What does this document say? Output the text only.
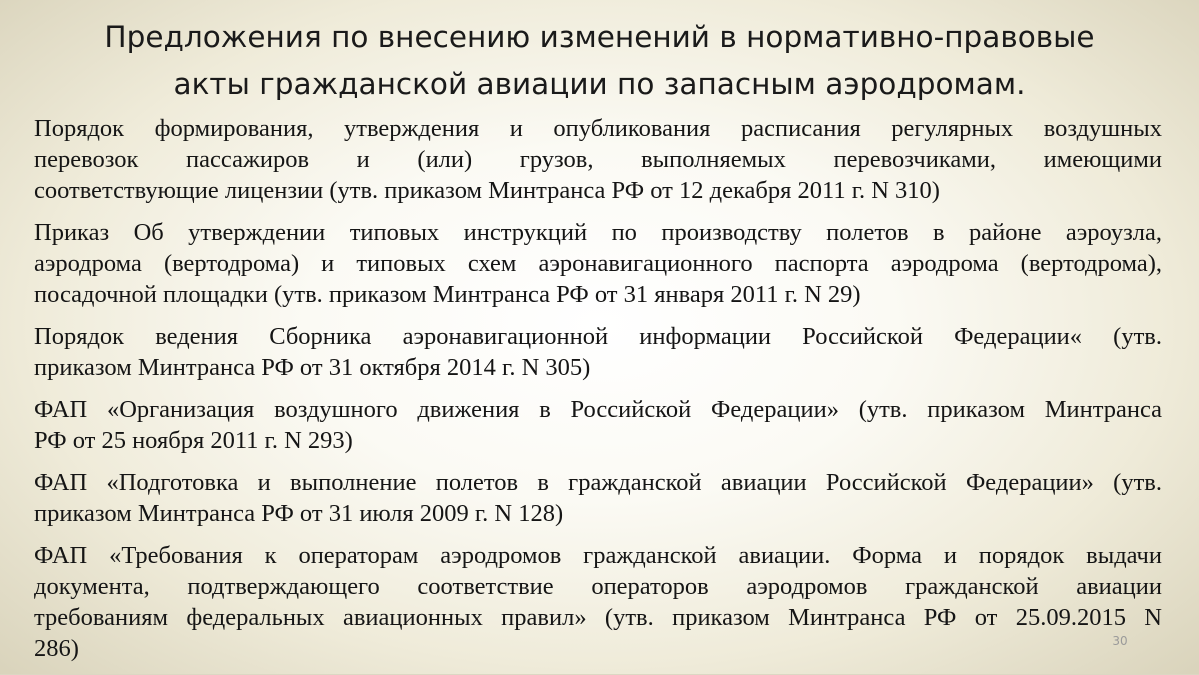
Предложения по внесению изменений в нормативно-правовые
акты гражданской авиации по запасным аэродромам.
Порядок формирования, утверждения и опубликования расписания регулярных воздушных
перевозок пассажиров и (или) грузов, выполняемых перевозчиками, имеющими
соответствующие лицензии (утв. приказом Минтранса РФ от 12 декабря 2011 г. N 310)
Приказ Об утверждении типовых инструкций по производству полетов в районе аэроузла,
аэродрома (вертодрома) и типовых схем аэронавигационного паспорта аэродрома (вертодрома),
посадочной площадки (утв. приказом Минтранса РФ от 31 января 2011 г. N 29)
Порядок ведения Сборника аэронавигационной информации Российской Федерации« (утв.
приказом Минтранса РФ от 31 октября 2014 г. N 305)
ФАП «Организация воздушного движения в Российской Федерации» (утв. приказом Минтранса
РФ от 25 ноября 2011 г. N 293)
ФАП «Подготовка и выполнение полетов в гражданской авиации Российской Федерации» (утв.
приказом Минтранса РФ от 31 июля 2009 г. N 128)
ФАП «Требования к операторам аэродромов гражданской авиации. Форма и порядок выдачи
документа, подтверждающего соответствие операторов аэродромов гражданской авиации
требованиям федеральных авиационных правил» (утв. приказом Минтранса РФ от 25.09.2015 N
286)	30
